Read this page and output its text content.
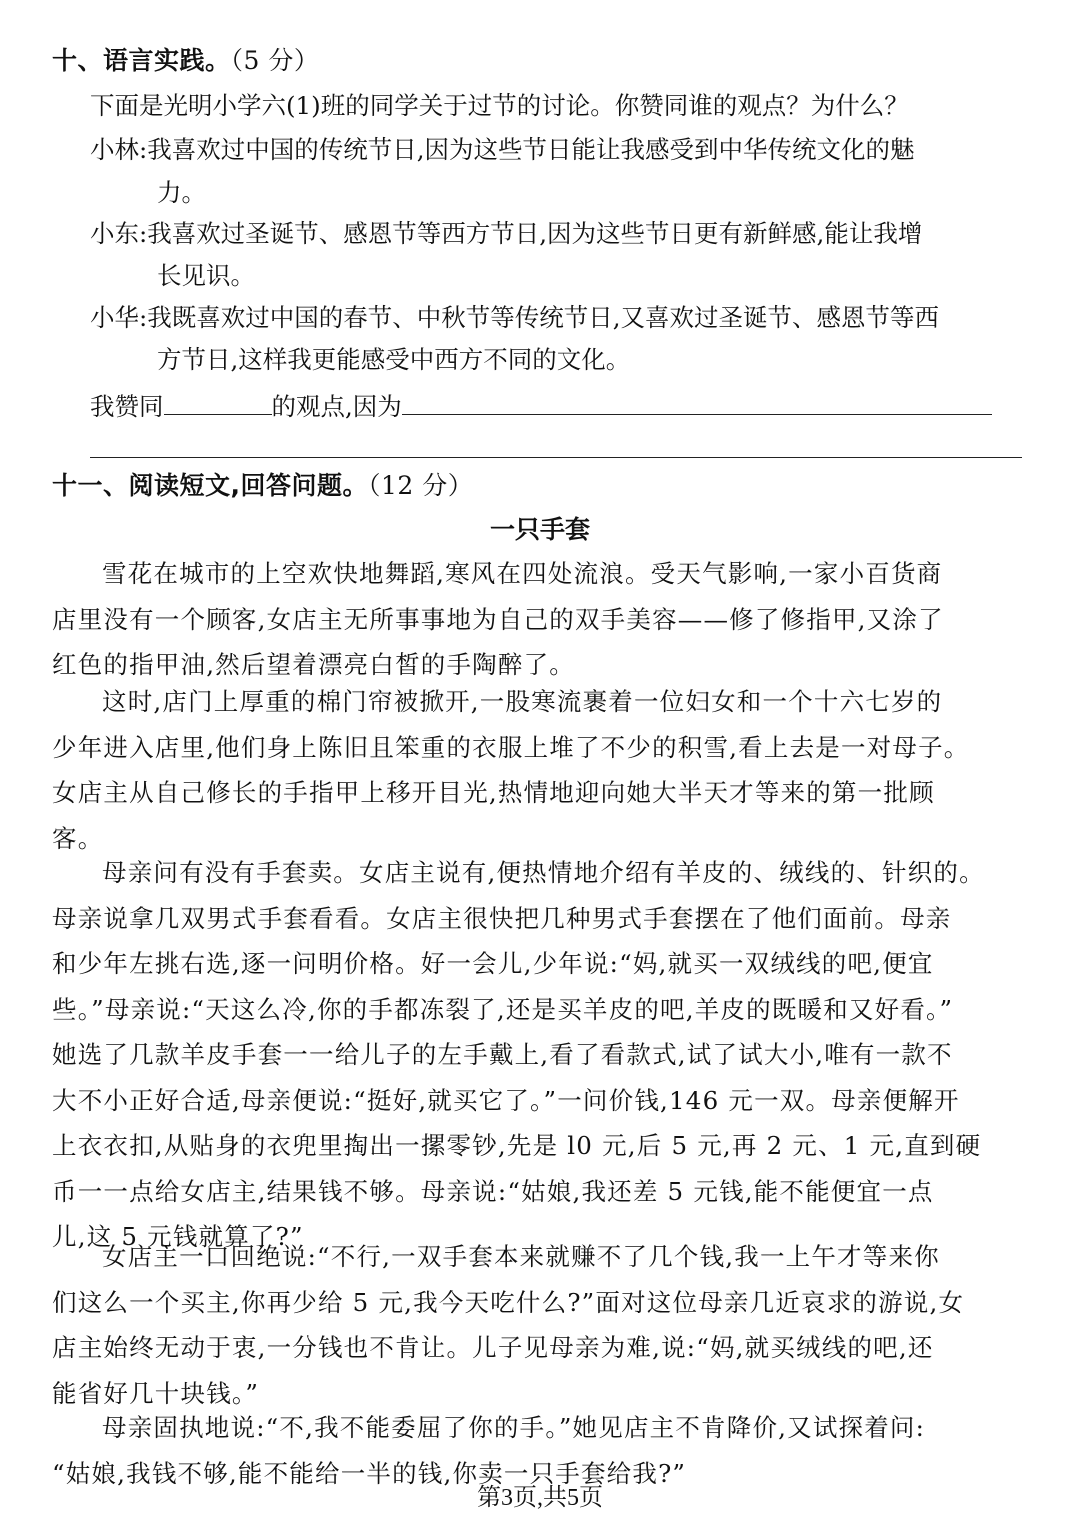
十、语言实践。（5 分）
下面是光明小学六(1)班的同学关于过节的讨论。你赞同谁的观点？为什么？
小林:我喜欢过中国的传统节日,因为这些节日能让我感受到中华传统文化的魅
力。
小东:我喜欢过圣诞节、感恩节等西方节日,因为这些节日更有新鲜感,能让我增
长见识。
小华:我既喜欢过中国的春节、中秋节等传统节日,又喜欢过圣诞节、感恩节等西
方节日,这样我更能感受中西方不同的文化。
我赞同	的观点,因为
十一、阅读短文,回答问题。（12 分）
一只手套
雪花在城市的上空欢快地舞蹈,寒风在四处流浪。受天气影响,一家小百货商
店里没有一个顾客,女店主无所事事地为自己的双手美容——修了修指甲,又涂了
红色的指甲油,然后望着漂亮白皙的手陶醉了。
这时,店门上厚重的棉门帘被掀开,一股寒流裹着一位妇女和一个十六七岁的
少年进入店里,他们身上陈旧且笨重的衣服上堆了不少的积雪,看上去是一对母子。
女店主从自己修长的手指甲上移开目光,热情地迎向她大半天才等来的第一批顾
客。
母亲问有没有手套卖。女店主说有,便热情地介绍有羊皮的、绒线的、针织的。
母亲说拿几双男式手套看看。女店主很快把几种男式手套摆在了他们面前。母亲
和少年左挑右选,逐一问明价格。好一会儿,少年说:“妈,就买一双绒线的吧,便宜
些。”母亲说:“天这么冷,你的手都冻裂了,还是买羊皮的吧,羊皮的既暖和又好看。”
她选了几款羊皮手套一一给儿子的左手戴上,看了看款式,试了试大小,唯有一款不
大不小正好合适,母亲便说:“挺好,就买它了。”一问价钱,146 元一双。母亲便解开
上衣衣扣,从贴身的衣兜里掏出一摞零钞,先是 l0 元,后 5 元,再 2 元、1 元,直到硬
币一一点给女店主,结果钱不够。母亲说:“姑娘,我还差 5 元钱,能不能便宜一点
儿,这 5 元钱就算了?”
女店主一口回绝说:“不行,一双手套本来就赚不了几个钱,我一上午才等来你
们这么一个买主,你再少给 5 元,我今天吃什么?”面对这位母亲几近哀求的游说,女
店主始终无动于衷,一分钱也不肯让。儿子见母亲为难,说:“妈,就买绒线的吧,还
能省好几十块钱。”
母亲固执地说:“不,我不能委屈了你的手。”她见店主不肯降价,又试探着问:
“姑娘,我钱不够,能不能给一半的钱,你卖一只手套给我?”
第3页,共5页
